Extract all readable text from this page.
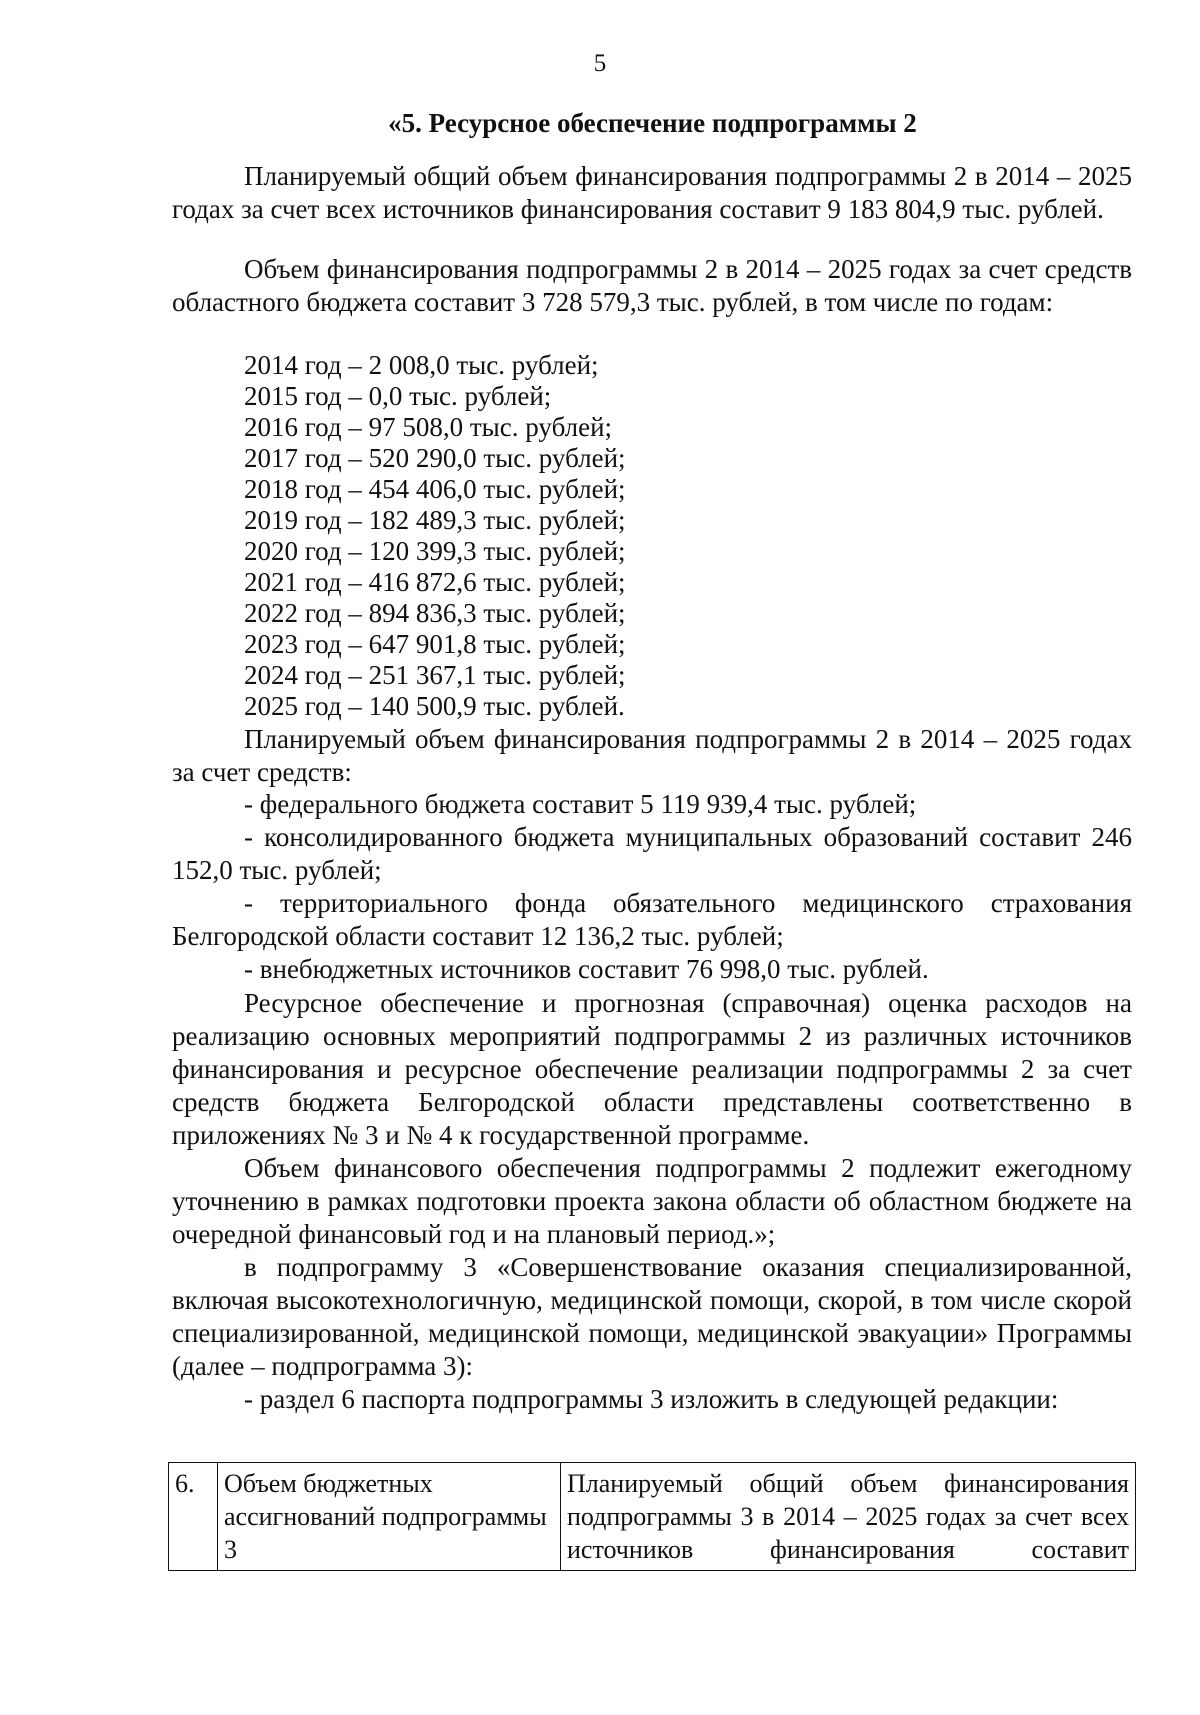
5
«5. Ресурсное обеспечение подпрограммы 2

Планируемый общий объем финансирования подпрограммы 2 в 2014 – 2025 годах за счет всех источников финансирования составит 9 183 804,9 тыс. рублей.

Объем финансирования подпрограммы 2 в 2014 – 2025 годах за счет средств областного бюджета составит 3 728 579,3 тыс. рублей, в том числе по годам:

2014 год – 2 008,0 тыс. рублей;
2015 год – 0,0 тыс. рублей;
2016 год – 97 508,0 тыс. рублей;
2017 год – 520 290,0 тыс. рублей;
2018 год – 454 406,0 тыс. рублей;
2019 год – 182 489,3 тыс. рублей;
2020 год – 120 399,3 тыс. рублей;
2021 год – 416 872,6 тыс. рублей;
2022 год – 894 836,3 тыс. рублей;
2023 год – 647 901,8 тыс. рублей;
2024 год – 251 367,1 тыс. рублей;
2025 год – 140 500,9 тыс. рублей.

Планируемый объем финансирования подпрограммы 2 в 2014 – 2025 годах за счет средств:

- федерального бюджета составит 5 119 939,4 тыс. рублей;

- консолидированного бюджета муниципальных образований составит 246 152,0 тыс. рублей;

- территориального фонда обязательного медицинского страхования Белгородской области составит 12 136,2 тыс. рублей;

- внебюджетных источников составит 76 998,0 тыс. рублей.

Ресурсное обеспечение и прогнозная (справочная) оценка расходов на реализацию основных мероприятий подпрограммы 2 из различных источников финансирования и ресурсное обеспечение реализации подпрограммы 2 за счет средств бюджета Белгородской области представлены соответственно в приложениях № 3 и № 4 к государственной программе.

Объем финансового обеспечения подпрограммы 2 подлежит ежегодному уточнению в рамках подготовки проекта закона области об областном бюджете на очередной финансовый год и на плановый период.»;

в подпрограмму 3 «Совершенствование оказания специализированной, включая высокотехнологичную, медицинской помощи, скорой, в том числе скорой специализированной, медицинской помощи, медицинской эвакуации» Программы (далее – подпрограмма 3):

- раздел 6 паспорта подпрограммы 3 изложить в следующей редакции:

6.	Объем бюджетных ассигнований подпрограммы 3	Планируемый общий объем финансирования подпрограммы 3 в 2014 – 2025 годах за счет всех источников финансирования составит
